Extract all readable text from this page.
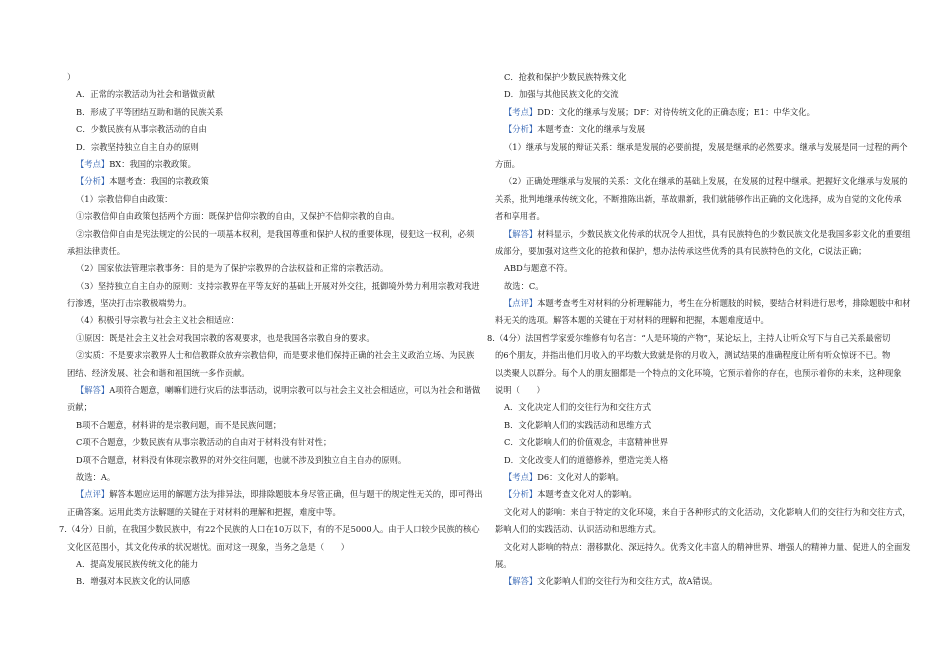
）
A．正常的宗教活动为社会和谐做贡献
B．形成了平等团结互助和谐的民族关系
C．少数民族有从事宗教活动的自由
D．宗教坚持独立自主自办的原则
【考点】BX：我国的宗教政策。
【分析】本题考查：我国的宗教政策
（1）宗教信仰自由政策：
①宗教信仰自由政策包括两个方面：既保护信仰宗教的自由，又保护不信仰宗教的自由。
②宗教信仰自由是宪法规定的公民的一项基本权利，是我国尊重和保护人权的重要体现，侵犯这一权利，必须
承担法律责任。
（2）国家依法管理宗教事务：目的是为了保护宗教界的合法权益和正常的宗教活动。
（3）坚持独立自主自办的原则：支持宗教界在平等友好的基础上开展对外交往，抵御境外势力利用宗教对我进
行渗透，坚决打击宗教极端势力。
（4）积极引导宗教与社会主义社会相适应：
①原因：既是社会主义社会对我国宗教的客观要求，也是我国各宗教自身的要求。
②实质：不是要求宗教界人士和信教群众放弃宗教信仰，而是要求他们保持正确的社会主义政治立场、为民族
团结、经济发展、社会和谐和祖国统一多作贡献。
【解答】A项符合题意，喇嘛们进行灾后的法事活动，说明宗教可以与社会主义社会相适应，可以为社会和谐做
贡献；
B项不合题意，材料讲的是宗教问题，而不是民族问题；
C项不合题意，少数民族有从事宗教活动的自由对于材料没有针对性；
D项不合题意，材料没有体现宗教界的对外交往问题，也就不涉及到独立自主自办的原则。
故选：A。
【点评】解答本题应运用的解题方法为排异法，即排除题肢本身尽管正确，但与题干的规定性无关的，即可得出
正确答案。运用此类方法解题的关键在于对材料的理解和把握，难度中等。
7.（4分）日前，在我国少数民族中，有22个民族的人口在10万以下，有的不足5000人。由于人口较少民族的核心
文化区范围小，其文化传承的状况堪忧。面对这一现象，当务之急是（　　）
A．提高发展民族传统文化的能力
B．增强对本民族文化的认同感
C．抢救和保护少数民族特殊文化
D．加强与其他民族文化的交流
【考点】DD：文化的继承与发展；DF：对待传统文化的正确态度；E1：中华文化。
【分析】本题考查：文化的继承与发展
（1）继承与发展的辩证关系：继承是发展的必要前提，发展是继承的必然要求。继承与发展是同一过程的两个
方面。
（2）正确处理继承与发展的关系：文化在继承的基础上发展，在发展的过程中继承。把握好文化继承与发展的
关系，批判地继承传统文化，不断推陈出新，革故鼎新，我们就能够作出正确的文化选择，成为自觉的文化传承
者和享用者。
【解答】材料显示，少数民族文化传承的状况令人担忧，具有民族特色的少数民族文化是我国多彩文化的重要组
成部分，要加强对这些文化的抢救和保护，想办法传承这些优秀的具有民族特色的文化，C说法正确；
ABD与题意不符。
故选：C。
【点评】本题考查考生对材料的分析理解能力，考生在分析题肢的时候，要结合材料进行思考，排除题肢中和材
料无关的选项。解答本题的关键在于对材料的理解和把握，本题难度适中。
8.（4分）法国哲学家爱尔维修有句名言：“人是环境的产物”，某论坛上，主持人让听众写下与自己关系最密切
的6个朋友，并指出他们月收入的平均数大致就是你的月收入，测试结果的准确程度让所有听众惊讶不已。物
以类聚人以群分。每个人的朋友圈都是一个特点的文化环境，它预示着你的存在，也预示着你的未来，这种现象
说明（　　）
A．文化决定人们的交往行为和交往方式
B．文化影响人们的实践活动和思维方式
C．文化影响人们的价值观念，丰富精神世界
D．文化改变人们的道德修养，塑造完美人格
【考点】D6：文化对人的影响。
【分析】本题考查文化对人的影响。
文化对人的影响：来自于特定的文化环境，来自于各种形式的文化活动，文化影响人们的交往行为和交往方式，
影响人们的实践活动、认识活动和思维方式。
文化对人影响的特点：潜移默化、深远持久。优秀文化丰富人的精神世界、增强人的精神力量、促进人的全面发
展。
【解答】文化影响人们的交往行为和交往方式，故A错误。
